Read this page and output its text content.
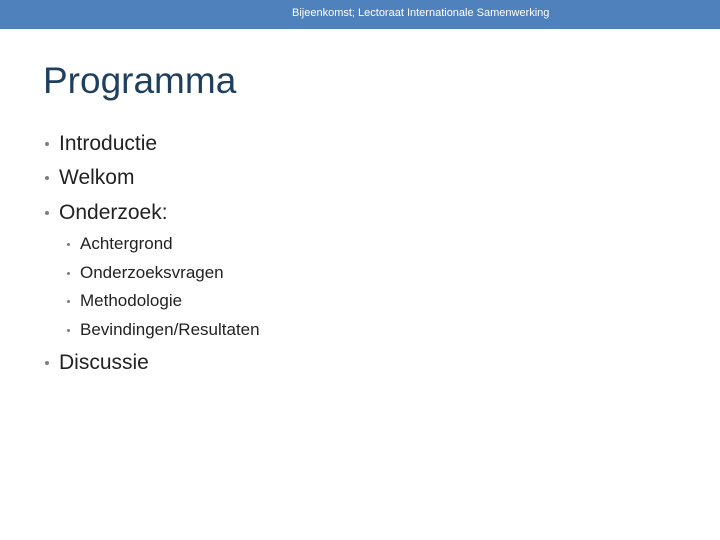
Bijeenkomst; Lectoraat Internationale Samenwerking
Programma
Introductie
Welkom
Onderzoek:
Achtergrond
Onderzoeksvragen
Methodologie
Bevindingen/Resultaten
Discussie
